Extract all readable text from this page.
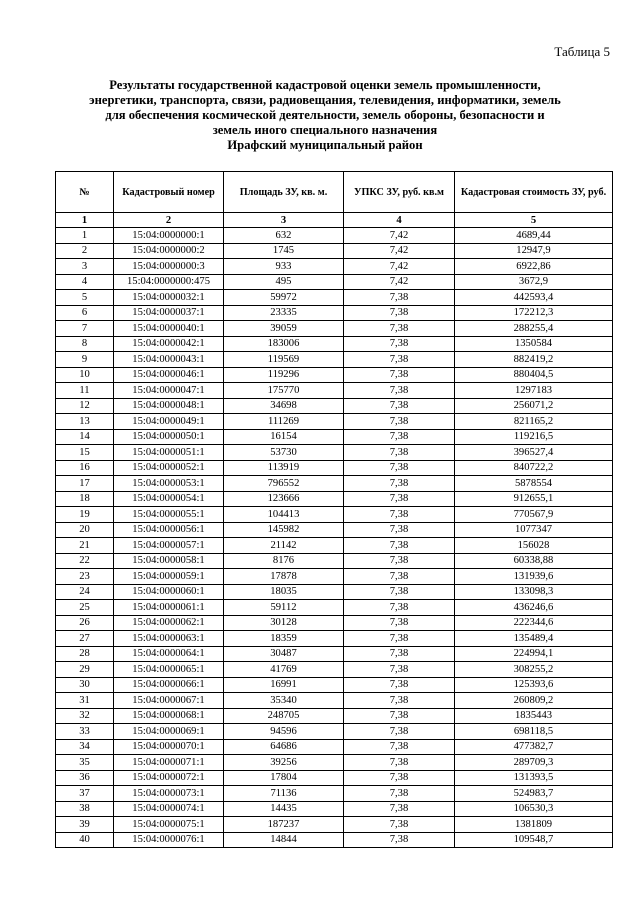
Таблица 5
Результаты государственной кадастровой оценки земель промышленности,
энергетики, транспорта, связи, радиовещания, телевидения, информатики, земель
для обеспечения космической деятельности, земель обороны, безопасности и
земель иного специального назначения
Ирафский муниципальный район
№	Кадастровый номер	Площадь ЗУ, кв. м.	УПКС ЗУ, руб. кв.м	Кадастровая стоимость ЗУ, руб.
1	2	3	4	5
1	15:04:0000000:1	632	7,42	4689,44
2	15:04:0000000:2	1745	7,42	12947,9
3	15:04:0000000:3	933	7,42	6922,86
4	15:04:0000000:475	495	7,42	3672,9
5	15:04:0000032:1	59972	7,38	442593,4
6	15:04:0000037:1	23335	7,38	172212,3
7	15:04:0000040:1	39059	7,38	288255,4
8	15:04:0000042:1	183006	7,38	1350584
9	15:04:0000043:1	119569	7,38	882419,2
10	15:04:0000046:1	119296	7,38	880404,5
11	15:04:0000047:1	175770	7,38	1297183
12	15:04:0000048:1	34698	7,38	256071,2
13	15:04:0000049:1	111269	7,38	821165,2
14	15:04:0000050:1	16154	7,38	119216,5
15	15:04:0000051:1	53730	7,38	396527,4
16	15:04:0000052:1	113919	7,38	840722,2
17	15:04:0000053:1	796552	7,38	5878554
18	15:04:0000054:1	123666	7,38	912655,1
19	15:04:0000055:1	104413	7,38	770567,9
20	15:04:0000056:1	145982	7,38	1077347
21	15:04:0000057:1	21142	7,38	156028
22	15:04:0000058:1	8176	7,38	60338,88
23	15:04:0000059:1	17878	7,38	131939,6
24	15:04:0000060:1	18035	7,38	133098,3
25	15:04:0000061:1	59112	7,38	436246,6
26	15:04:0000062:1	30128	7,38	222344,6
27	15:04:0000063:1	18359	7,38	135489,4
28	15:04:0000064:1	30487	7,38	224994,1
29	15:04:0000065:1	41769	7,38	308255,2
30	15:04:0000066:1	16991	7,38	125393,6
31	15:04:0000067:1	35340	7,38	260809,2
32	15:04:0000068:1	248705	7,38	1835443
33	15:04:0000069:1	94596	7,38	698118,5
34	15:04:0000070:1	64686	7,38	477382,7
35	15:04:0000071:1	39256	7,38	289709,3
36	15:04:0000072:1	17804	7,38	131393,5
37	15:04:0000073:1	71136	7,38	524983,7
38	15:04:0000074:1	14435	7,38	106530,3
39	15:04:0000075:1	187237	7,38	1381809
40	15:04:0000076:1	14844	7,38	109548,7
